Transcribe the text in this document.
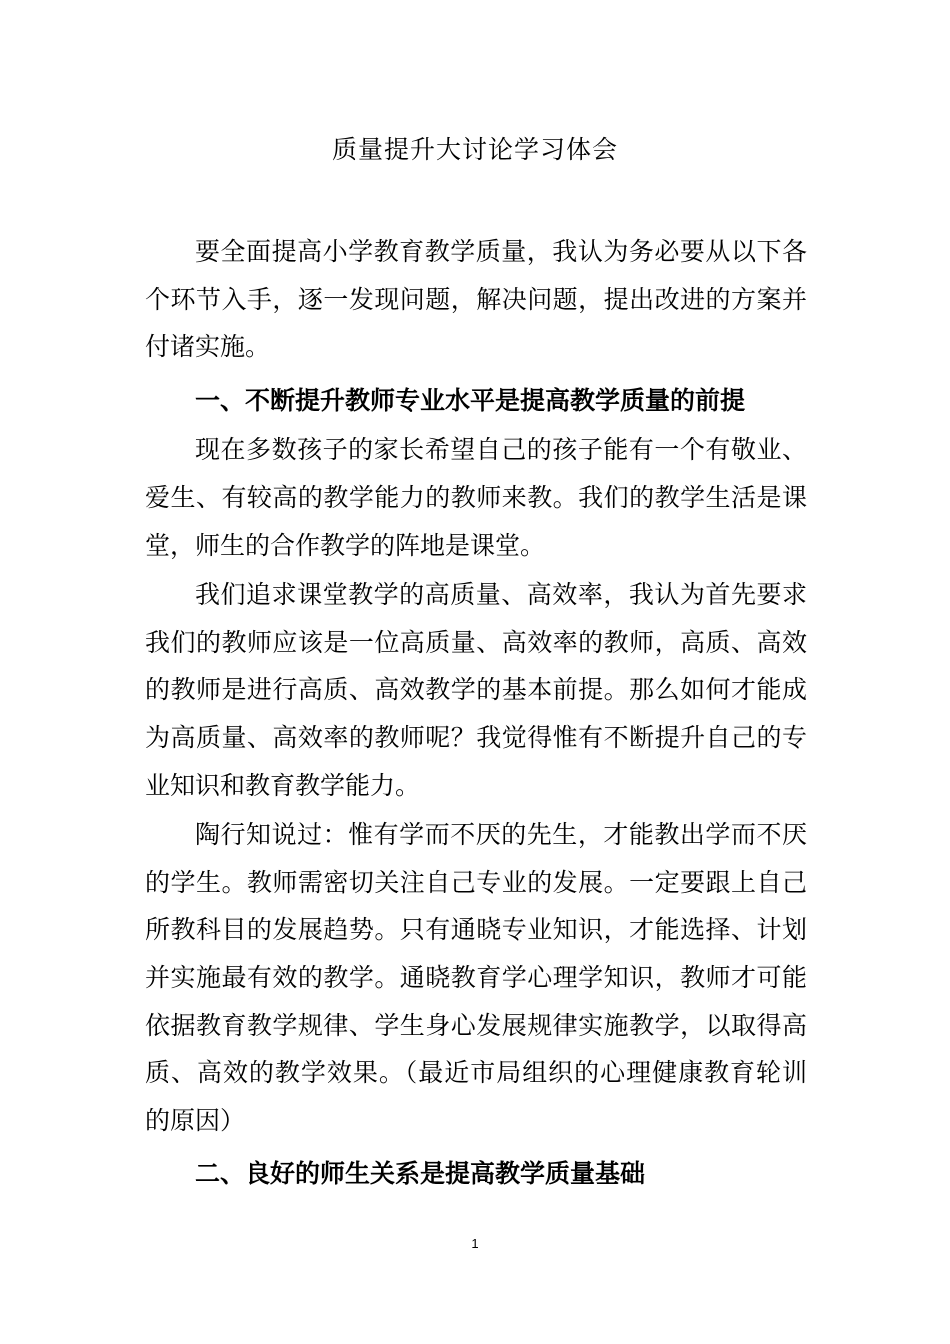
质量提升大讨论学习体会

要全面提高小学教育教学质量，我认为务必要从以下各个环节入手，逐一发现问题，解决问题，提出改进的方案并付诸实施。

一、不断提升教师专业水平是提高教学质量的前提

现在多数孩子的家长希望自己的孩子能有一个有敬业、爱生、有较高的教学能力的教师来教。我们的教学生活是课堂，师生的合作教学的阵地是课堂。

我们追求课堂教学的高质量、高效率，我认为首先要求我们的教师应该是一位高质量、高效率的教师，高质、高效的教师是进行高质、高效教学的基本前提。那么如何才能成为高质量、高效率的教师呢？我觉得惟有不断提升自己的专业知识和教育教学能力。

陶行知说过：惟有学而不厌的先生，才能教出学而不厌的学生。教师需密切关注自己专业的发展。一定要跟上自己所教科目的发展趋势。只有通晓专业知识，才能选择、计划并实施最有效的教学。通晓教育学心理学知识，教师才可能依据教育教学规律、学生身心发展规律实施教学，以取得高质、高效的教学效果。（最近市局组织的心理健康教育轮训的原因）

二、良好的师生关系是提高教学质量基础

1
